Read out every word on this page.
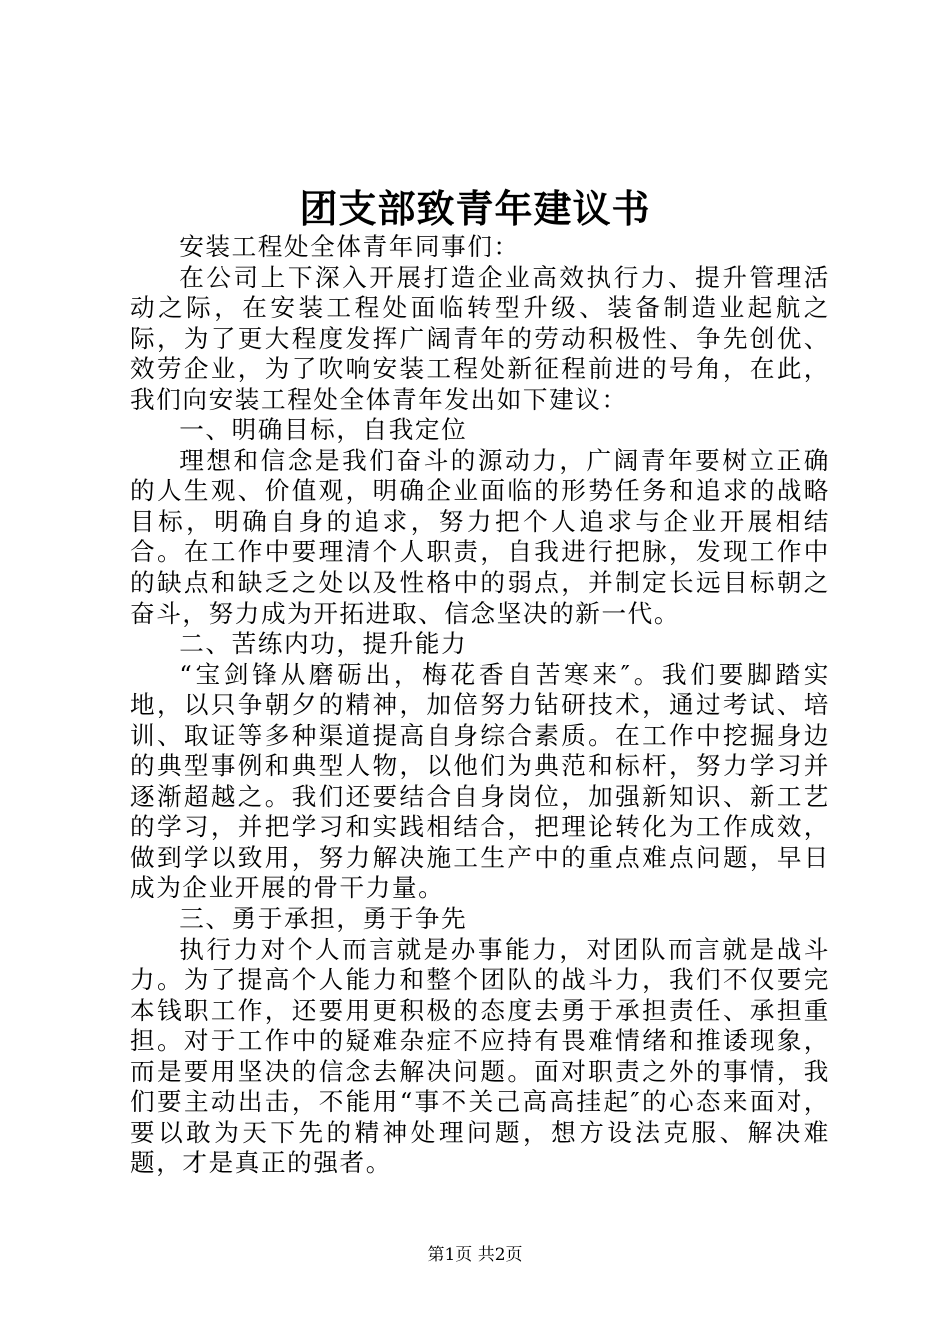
团支部致青年建议书

安装工程处全体青年同事们：

在公司上下深入开展打造企业高效执行力、提升管理活动之际，在安装工程处面临转型升级、装备制造业起航之际，为了更大程度发挥广阔青年的劳动积极性、争先创优、效劳企业，为了吹响安装工程处新征程前进的号角，在此，我们向安装工程处全体青年发出如下建议：

一、明确目标，自我定位

理想和信念是我们奋斗的源动力，广阔青年要树立正确的人生观、价值观，明确企业面临的形势任务和追求的战略目标，明确自身的追求，努力把个人追求与企业开展相结合。在工作中要理清个人职责，自我进行把脉，发现工作中的缺点和缺乏之处以及性格中的弱点，并制定长远目标朝之奋斗，努力成为开拓进取、信念坚决的新一代。

二、苦练内功，提升能力

“宝剑锋从磨砺出，梅花香自苦寒来″。我们要脚踏实地，以只争朝夕的精神，加倍努力钻研技术，通过考试、培训、取证等多种渠道提高自身综合素质。在工作中挖掘身边的典型事例和典型人物，以他们为典范和标杆，努力学习并逐渐超越之。我们还要结合自身岗位，加强新知识、新工艺的学习，并把学习和实践相结合，把理论转化为工作成效，做到学以致用，努力解决施工生产中的重点难点问题，早日成为企业开展的骨干力量。

三、勇于承担，勇于争先

执行力对个人而言就是办事能力，对团队而言就是战斗力。为了提高个人能力和整个团队的战斗力，我们不仅要完本钱职工作，还要用更积极的态度去勇于承担责任、承担重担。对于工作中的疑难杂症不应持有畏难情绪和推诿现象，而是要用坚决的信念去解决问题。面对职责之外的事情，我们要主动出击，不能用“事不关己高高挂起″的心态来面对，要以敢为天下先的精神处理问题，想方设法克服、解决难题，才是真正的强者。

第1页 共2页
